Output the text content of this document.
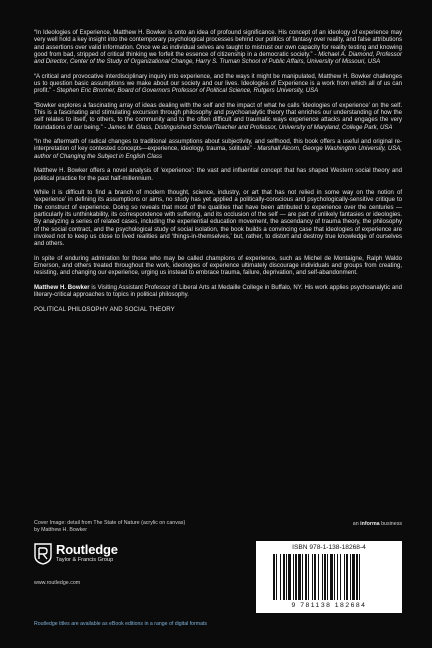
“In Ideologies of Experience, Matthew H. Bowker is onto an idea of profound significance. His concept of an ideology of experience may very well hold a key insight into the contemporary psychological processes behind our politics of fantasy over reality, and false attributions and assertions over valid information. Once we as individual selves are taught to mistrust our own capacity for reality testing and knowing good from bad, stripped of critical thinking we forfeit the essence of citizenship in a democratic society.” - Michael A. Diamond, Professor and Director, Center of the Study of Organizational Change, Harry S. Truman School of Public Affairs, University of Missouri, USA

“A critical and provocative interdisciplinary inquiry into experience, and the ways it might be manipulated, Matthew H. Bowker challenges us to question basic assumptions we make about our society and our lives. Ideologies of Experience is a work from which all of us can profit.” - Stephen Eric Bronner, Board of Governors Professor of Political Science, Rutgers University, USA

“Bowker explores a fascinating array of ideas dealing with the self and the impact of what he calls ‘ideologies of experience’ on the self. This is a fascinating and stimulating excursion through philosophy and psychoanalytic theory that enriches our understanding of how the self relates to itself, to others, to the community and to the often difficult and traumatic ways experience attacks and engages the very foundations of our being.” - James M. Glass, Distinguished Scholar/Teacher and Professor, University of Maryland, College Park, USA

“In the aftermath of radical changes to traditional assumptions about subjectivity, and selfhood, this book offers a useful and original re-interpretation of key contested concepts—experience, ideology, trauma, solitude” - Marshall Alcorn, George Washington University, USA, author of Changing the Subject in English Class

Matthew H. Bowker offers a novel analysis of ‘experience’: the vast and influential concept that has shaped Western social theory and political practice for the past half-millennium.

While it is difficult to find a branch of modern thought, science, industry, or art that has not relied in some way on the notion of ‘experience’ in defining its assumptions or aims, no study has yet applied a politically-conscious and psychologically-sensitive critique to the construct of experience. Doing so reveals that most of the qualities that have been attributed to experience over the centuries — particularly its unthinkability, its correspondence with suffering, and its occlusion of the self — are part of unlikely fantasies or ideologies. By analyzing a series of related cases, including the experiential education movement, the ascendancy of trauma theory, the philosophy of the social contract, and the psychological study of social isolation, the book builds a convincing case that ideologies of experience are invoked not to keep us close to lived realities and ‘things-in-themselves,’ but, rather, to distort and destroy true knowledge of ourselves and others.

In spite of enduring admiration for those who may be called champions of experience, such as Michel de Montaigne, Ralph Waldo Emerson, and others treated throughout the work, ideologies of experience ultimately discourage individuals and groups from creating, resisting, and changing our experience, urging us instead to embrace trauma, failure, deprivation, and self-abandonment.

Matthew H. Bowker is Visiting Assistant Professor of Liberal Arts at Medaille College in Buffalo, NY. His work applies psychoanalytic and literary-critical approaches to topics in political philosophy.

POLITICAL PHILOSOPHY AND SOCIAL THEORY

Cover Image: detail from The State of Nature (acrylic on canvas)
by Matthew H. Bowker
an informa business
Routledge
Taylor & Francis Group
www.routledge.com
Routledge titles are available as eBook editions in a range of digital formats
ISBN 978-1-138-18268-4
9 781138 182684
